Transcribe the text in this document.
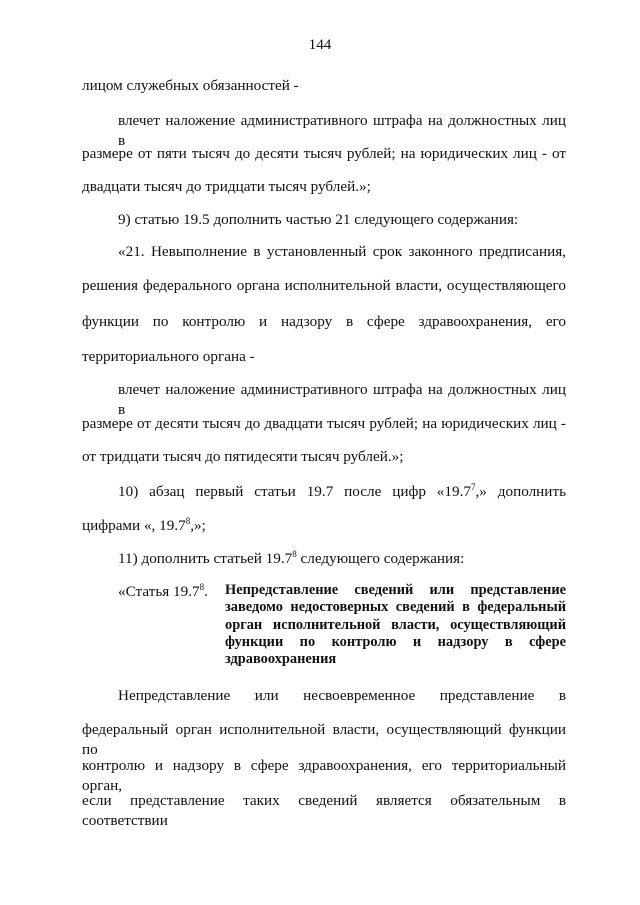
144
лицом служебных обязанностей -
влечет наложение административного штрафа на должностных лиц в
размере от пяти тысяч до десяти тысяч рублей; на юридических лиц - от
двадцати тысяч до тридцати тысяч рублей.»;
9) статью 19.5 дополнить частью 21 следующего содержания:
«21. Невыполнение в установленный срок законного предписания,
решения федерального органа исполнительной власти, осуществляющего
функции по контролю и надзору в сфере здравоохранения, его
территориального органа -
влечет наложение административного штрафа на должностных лиц в
размере от десяти тысяч до двадцати тысяч рублей; на юридических лиц -
от тридцати тысяч до пятидесяти тысяч рублей.»;
10) абзац первый статьи 19.7 после цифр «19.7$^7$,» дополнить
цифрами «, 19.7$^8$,»;
11) дополнить статьей 19.7$^8$ следующего содержания:
«Статья 19.7$^8$. Непредставление сведений или представление заведомо недостоверных сведений в федеральный орган исполнительной власти, осуществляющий функции по контролю и надзору в сфере здравоохранения
Непредставление или несвоевременное представление в
федеральный орган исполнительной власти, осуществляющий функции по
контролю и надзору в сфере здравоохранения, его территориальный орган,
если представление таких сведений является обязательным в соответствии
